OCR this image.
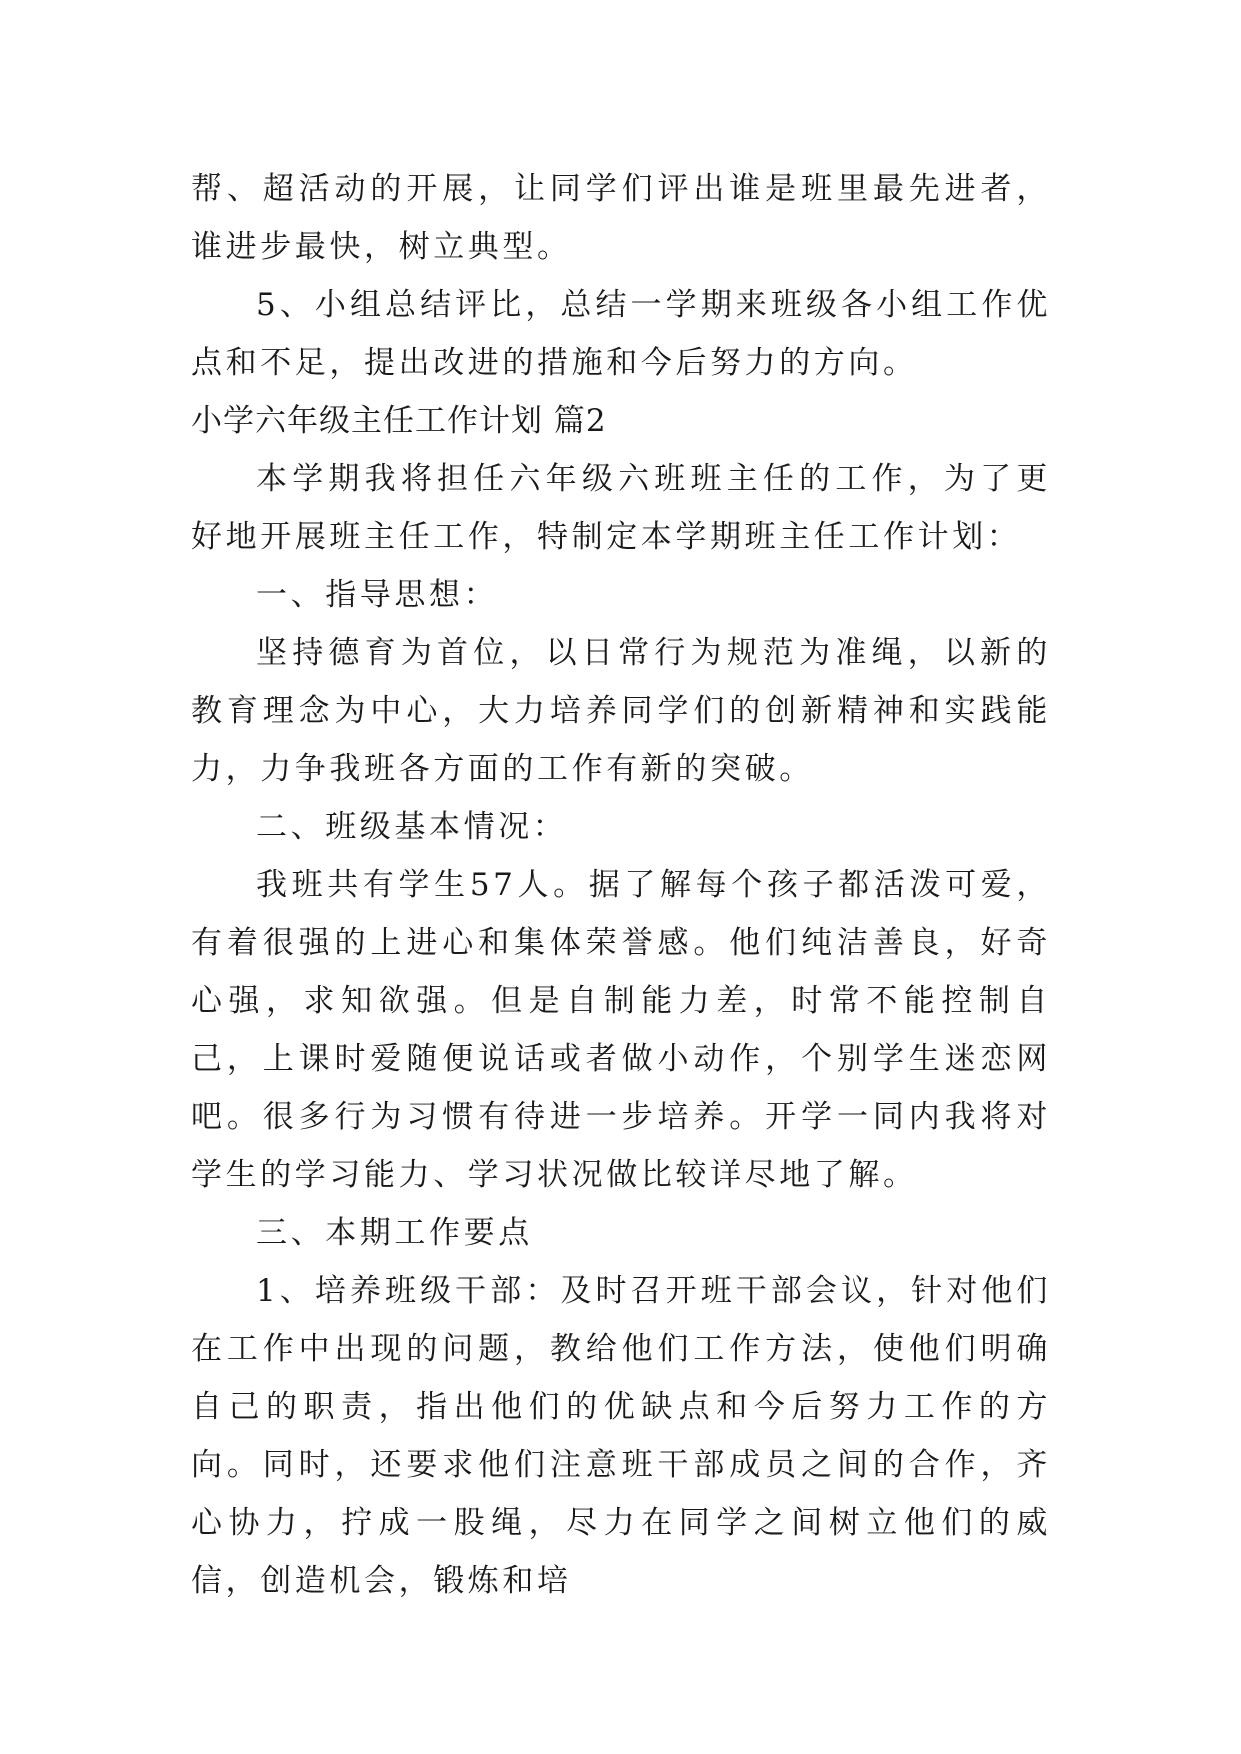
帮、超活动的开展，让同学们评出谁是班里最先进者，谁进步最快，树立典型。

5、小组总结评比，总结一学期来班级各小组工作优点和不足，提出改进的措施和今后努力的方向。

小学六年级主任工作计划 篇2

本学期我将担任六年级六班班主任的工作，为了更好地开展班主任工作，特制定本学期班主任工作计划：

一、指导思想：

坚持德育为首位，以日常行为规范为准绳，以新的教育理念为中心，大力培养同学们的创新精神和实践能力，力争我班各方面的工作有新的突破。

二、班级基本情况：

我班共有学生57人。据了解每个孩子都活泼可爱，有着很强的上进心和集体荣誉感。他们纯洁善良，好奇心强，求知欲强。但是自制能力差，时常不能控制自己，上课时爱随便说话或者做小动作，个别学生迷恋网吧。很多行为习惯有待进一步培养。开学一同内我将对学生的学习能力、学习状况做比较详尽地了解。

三、本期工作要点

1、培养班级干部：及时召开班干部会议，针对他们在工作中出现的问题，教给他们工作方法，使他们明确自己的职责，指出他们的优缺点和今后努力工作的方向。同时，还要求他们注意班干部成员之间的合作，齐心协力，拧成一股绳，尽力在同学之间树立他们的威信，创造机会，锻炼和培
